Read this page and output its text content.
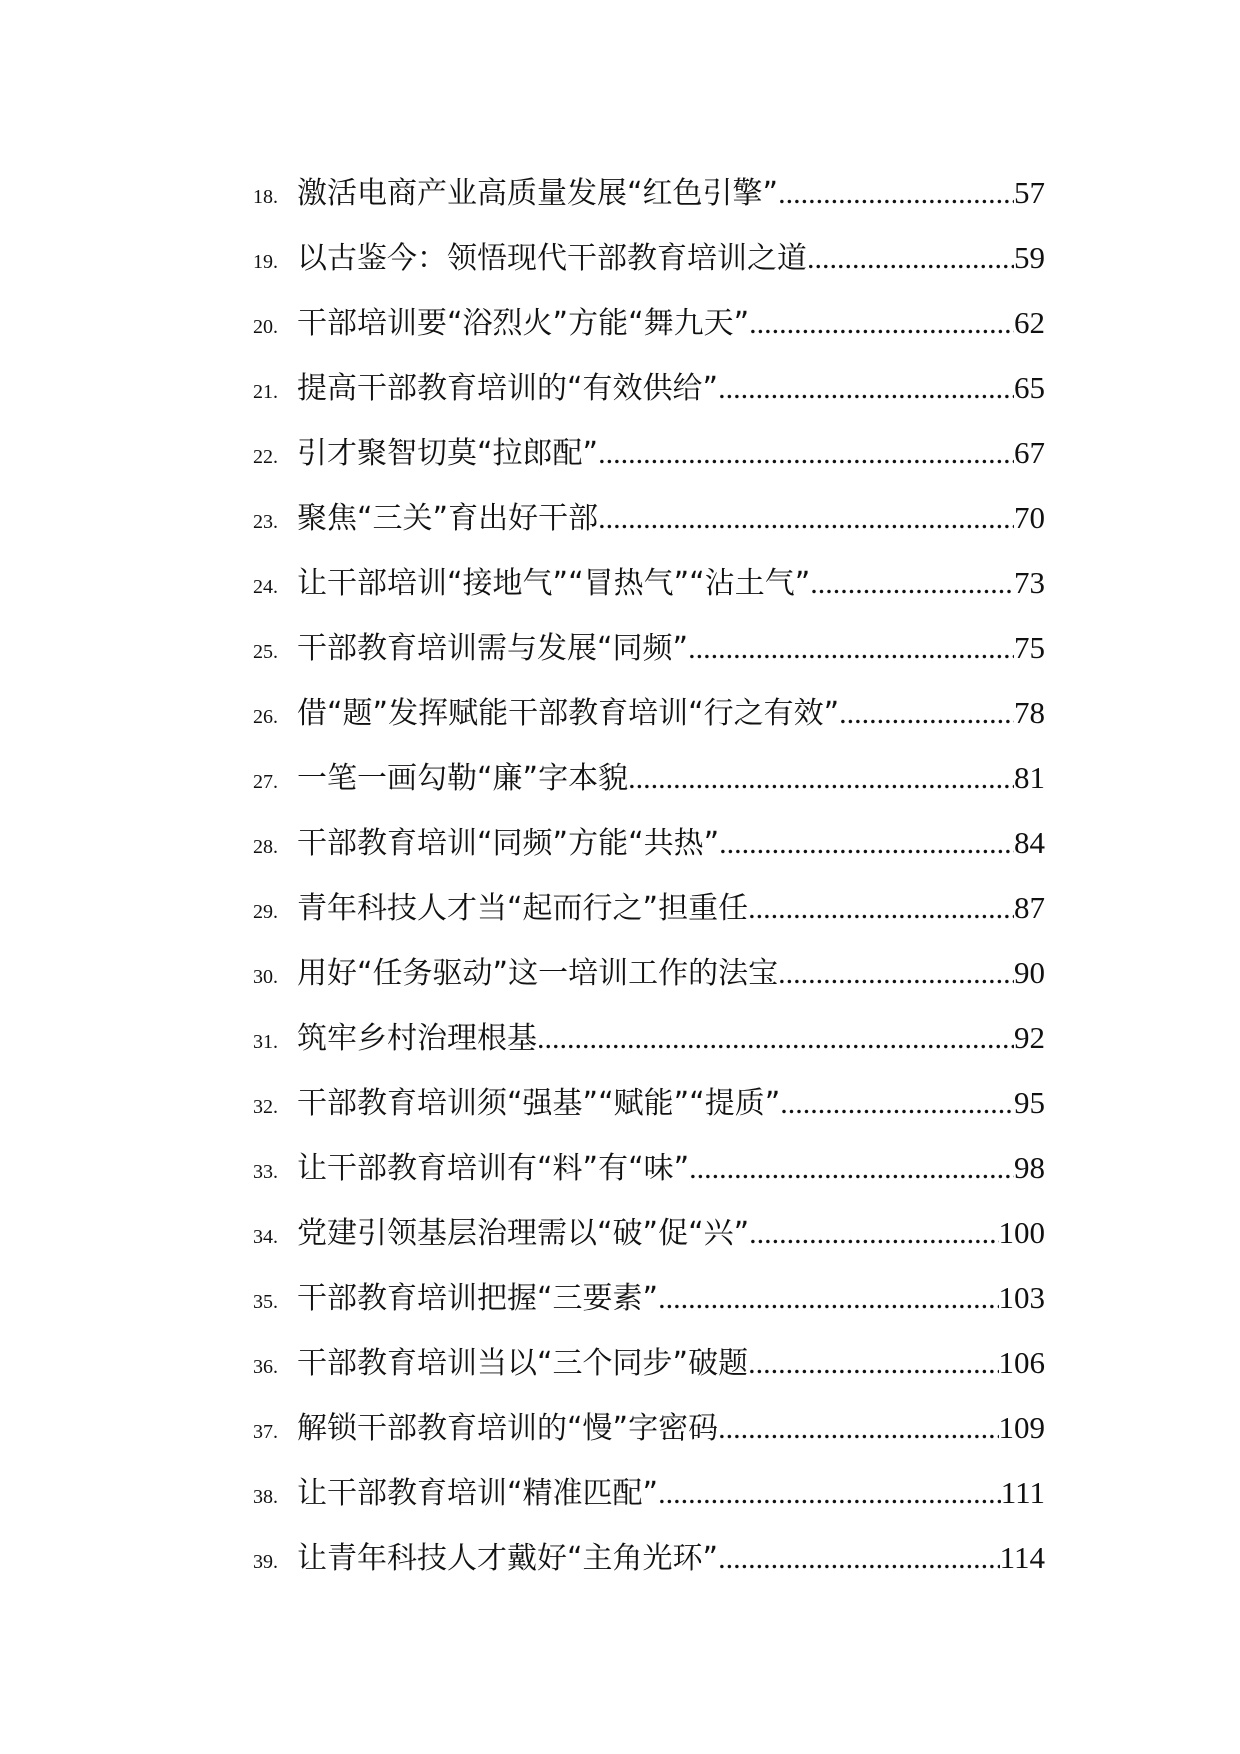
18. 激活电商产业高质量发展“红色引擎” .....	57
19. 以古鉴今：领悟现代干部教育培训之道 .....	59
20. 干部培训要“浴烈火”方能“舞九天” .....	62
21. 提高干部教育培训的“有效供给” .....	65
22. 引才聚智切莫“拉郎配” .....	67
23. 聚焦“三关”育出好干部 .....	70
24. 让干部培训“接地气”“冒热气”“沾土气” .....	73
25. 干部教育培训需与发展“同频” .....	75
26. 借“题”发挥赋能干部教育培训“行之有效” .....	78
27. 一笔一画勾勒“廉”字本貌 .....	81
28. 干部教育培训“同频”方能“共热” .....	84
29. 青年科技人才当“起而行之”担重任 .....	87
30. 用好“任务驱动”这一培训工作的法宝 .....	90
31. 筑牢乡村治理根基 .....	92
32. 干部教育培训须“强基”“赋能”“提质” .....	95
33. 让干部教育培训有“料”有“味” .....	98
34. 党建引领基层治理需以“破”促“兴” .....	100
35. 干部教育培训把握“三要素” .....	103
36. 干部教育培训当以“三个同步”破题 .....	106
37. 解锁干部教育培训的“慢”字密码 .....	109
38. 让干部教育培训“精准匹配” .....	111
39. 让青年科技人才戴好“主角光环” .....	114
